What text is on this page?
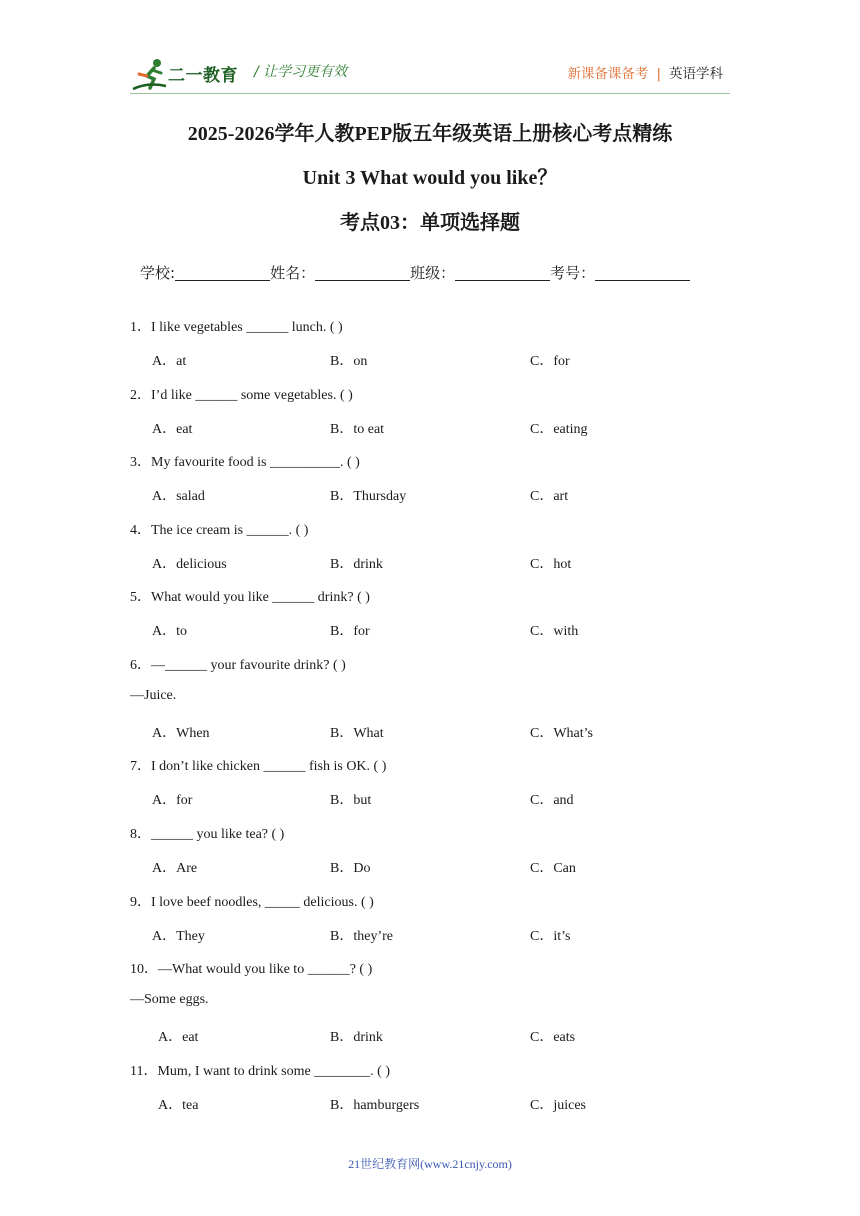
二一教育 / 让学习更有效	新课备课备考 | 英语学科
2025-2026学年人教PEP版五年级英语上册核心考点精练
Unit 3 What would you like？
考点03：单项选择题
学校:	姓名：	班级：	考号：
1．I like vegetables ______ lunch. ( )
A．at	B．on	C．for
2．I’d like ______ some vegetables. ( )
A．eat	B．to eat	C．eating
3．My favourite food is __________. ( )
A．salad	B．Thursday	C．art
4．The ice cream is ______. ( )
A．delicious	B．drink	C．hot
5．What would you like ______ drink? ( )
A．to	B．for	C．with
6．—______ your favourite drink? ( )
—Juice.
A．When	B．What	C．What’s
7．I don’t like chicken ______ fish is OK. ( )
A．for	B．but	C．and
8．______ you like tea? ( )
A．Are	B．Do	C．Can
9．I love beef noodles, _____ delicious. ( )
A．They	B．they’re	C．it’s
10．—What would you like to ______? ( )
—Some eggs.
A．eat	B．drink	C．eats
11．Mum, I want to drink some ________. ( )
A．tea	B．hamburgers	C．juices
21世纪教育网(www.21cnjy.com)
